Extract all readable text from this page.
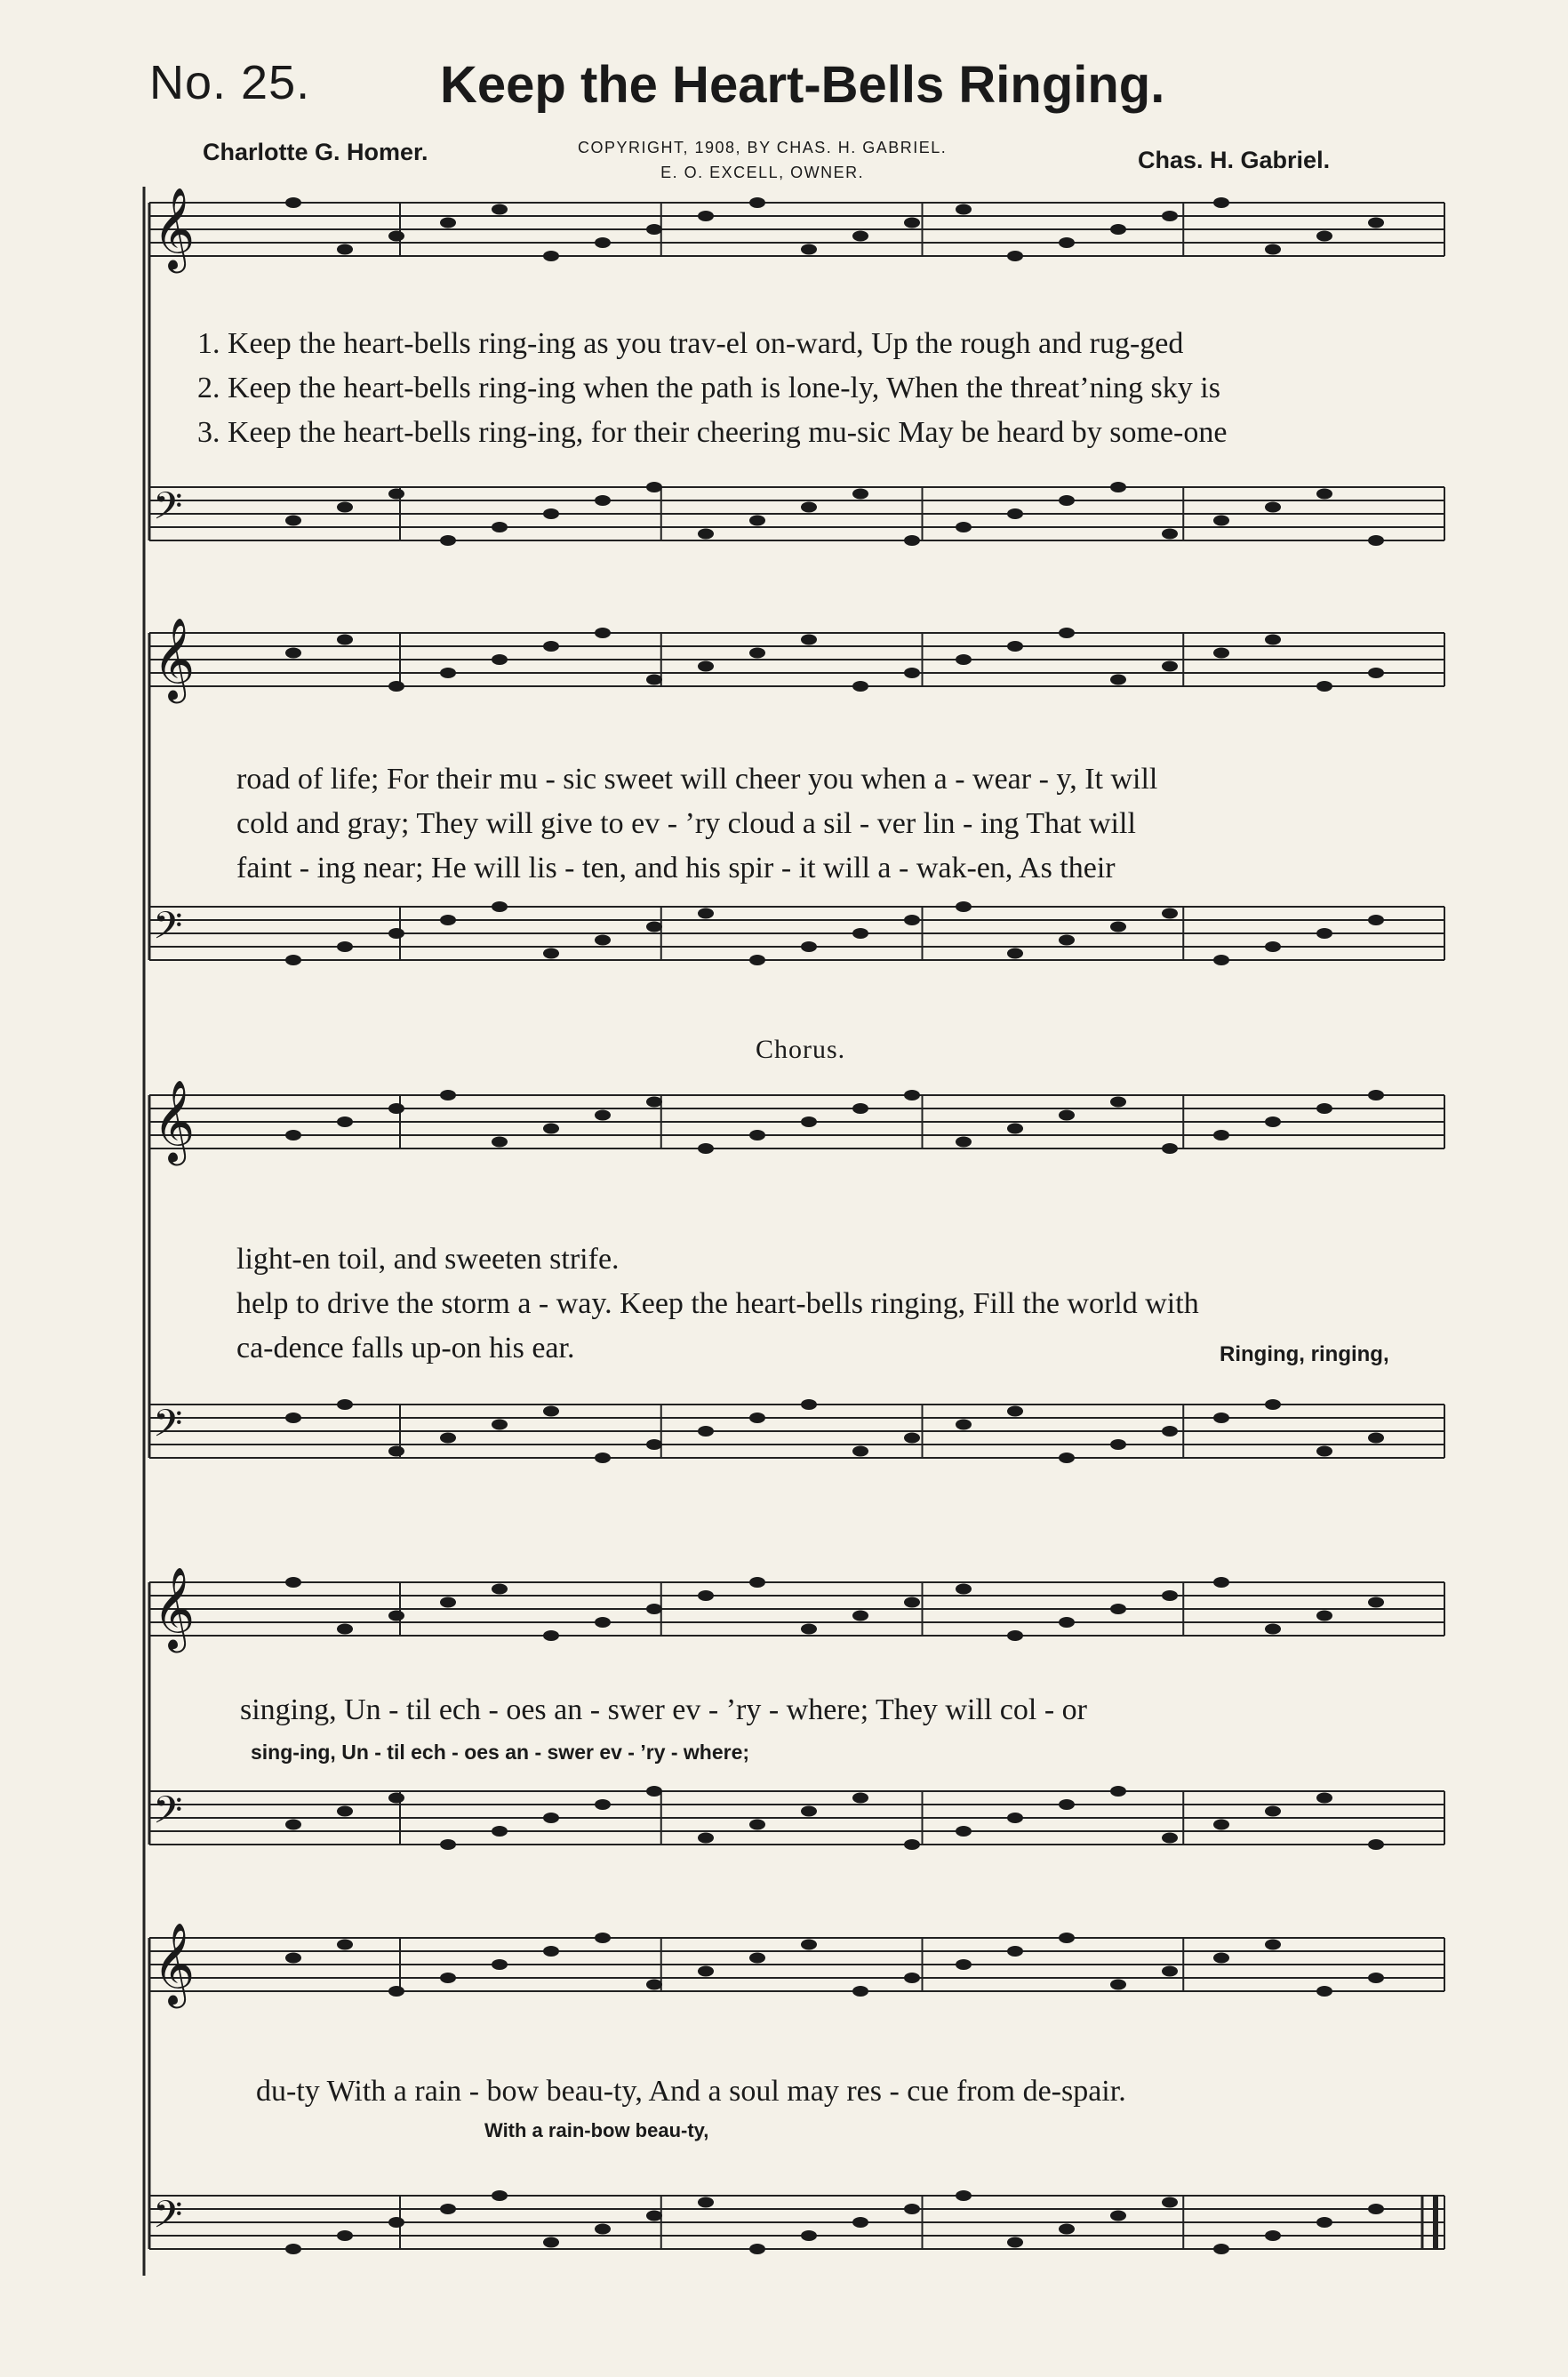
No. 25.	Keep the Heart-Bells Ringing.
Charlotte G. Homer.	COPYRIGHT, 1908, BY CHAS. H. GABRIEL.
E. O. EXCELL, OWNER.	Chas. H. Gabriel.
𝄞
𝄢
𝄞
𝄢
𝄞
𝄢
𝄞
𝄢
𝄞
𝄢
1. Keep the heart-bells ring-ing as you trav-el on-ward, Up the rough and rug-ged
2. Keep the heart-bells ring-ing when the path is lone-ly, When the threat’ning sky is
3. Keep the heart-bells ring-ing, for their cheering mu-sic May be heard by some-one
road of life; For their mu - sic sweet will cheer you when a - wear - y, It will
cold and gray; They will give to ev - ’ry cloud a sil - ver lin - ing That will
faint - ing near; He will lis - ten, and his spir - it will a - wak-en, As their
Chorus.
light-en toil, and sweeten strife.
help to drive the storm a - way. Keep the heart-bells ringing, Fill the world with
ca-dence falls up-on his ear.	Ringing, ringing,
singing, Un - til ech - oes an - swer ev - ’ry - where; They will col - or
sing-ing, Un - til ech - oes an - swer ev - ’ry - where;
du-ty With a rain - bow beau-ty, And a soul may res - cue from de-spair.
With a rain-bow beau-ty,
